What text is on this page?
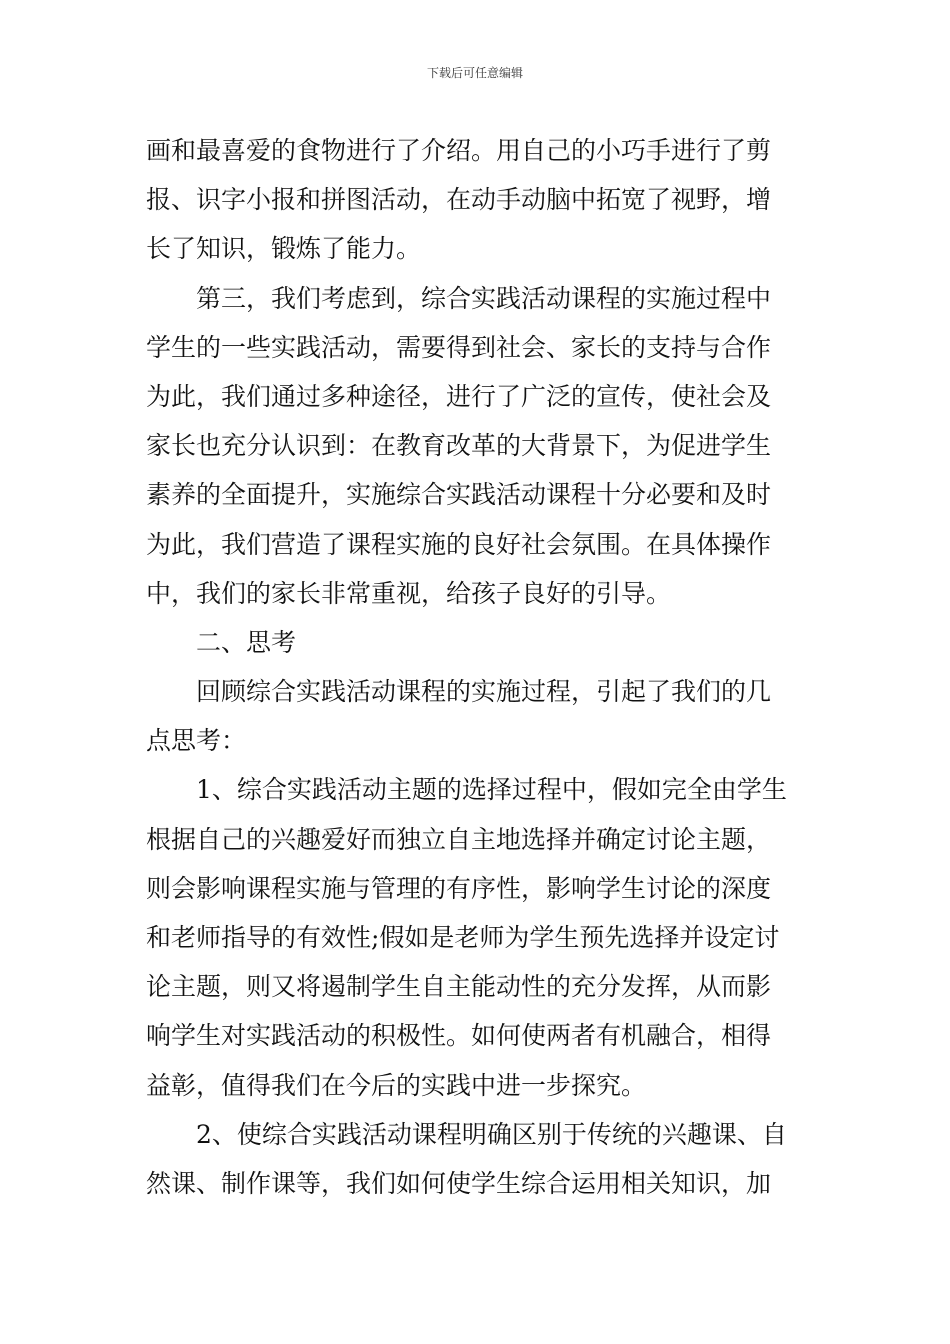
下载后可任意编辑
画和最喜爱的食物进行了介绍。用自己的小巧手进行了剪
报、识字小报和拼图活动，在动手动脑中拓宽了视野，增
长了知识，锻炼了能力。
　　第三，我们考虑到，综合实践活动课程的实施过程中
学生的一些实践活动，需要得到社会、家长的支持与合作
为此，我们通过多种途径，进行了广泛的宣传，使社会及
家长也充分认识到：在教育改革的大背景下，为促进学生
素养的全面提升，实施综合实践活动课程十分必要和及时
为此，我们营造了课程实施的良好社会氛围。在具体操作
中，我们的家长非常重视，给孩子良好的引导。
　　二、思考
　　回顾综合实践活动课程的实施过程，引起了我们的几
点思考：
　　1、综合实践活动主题的选择过程中，假如完全由学生
根据自己的兴趣爱好而独立自主地选择并确定讨论主题，
则会影响课程实施与管理的有序性，影响学生讨论的深度
和老师指导的有效性;假如是老师为学生预先选择并设定讨
论主题，则又将遏制学生自主能动性的充分发挥，从而影
响学生对实践活动的积极性。如何使两者有机融合，相得
益彰，值得我们在今后的实践中进一步探究。
　　2、使综合实践活动课程明确区别于传统的兴趣课、自
然课、制作课等，我们如何使学生综合运用相关知识，加
